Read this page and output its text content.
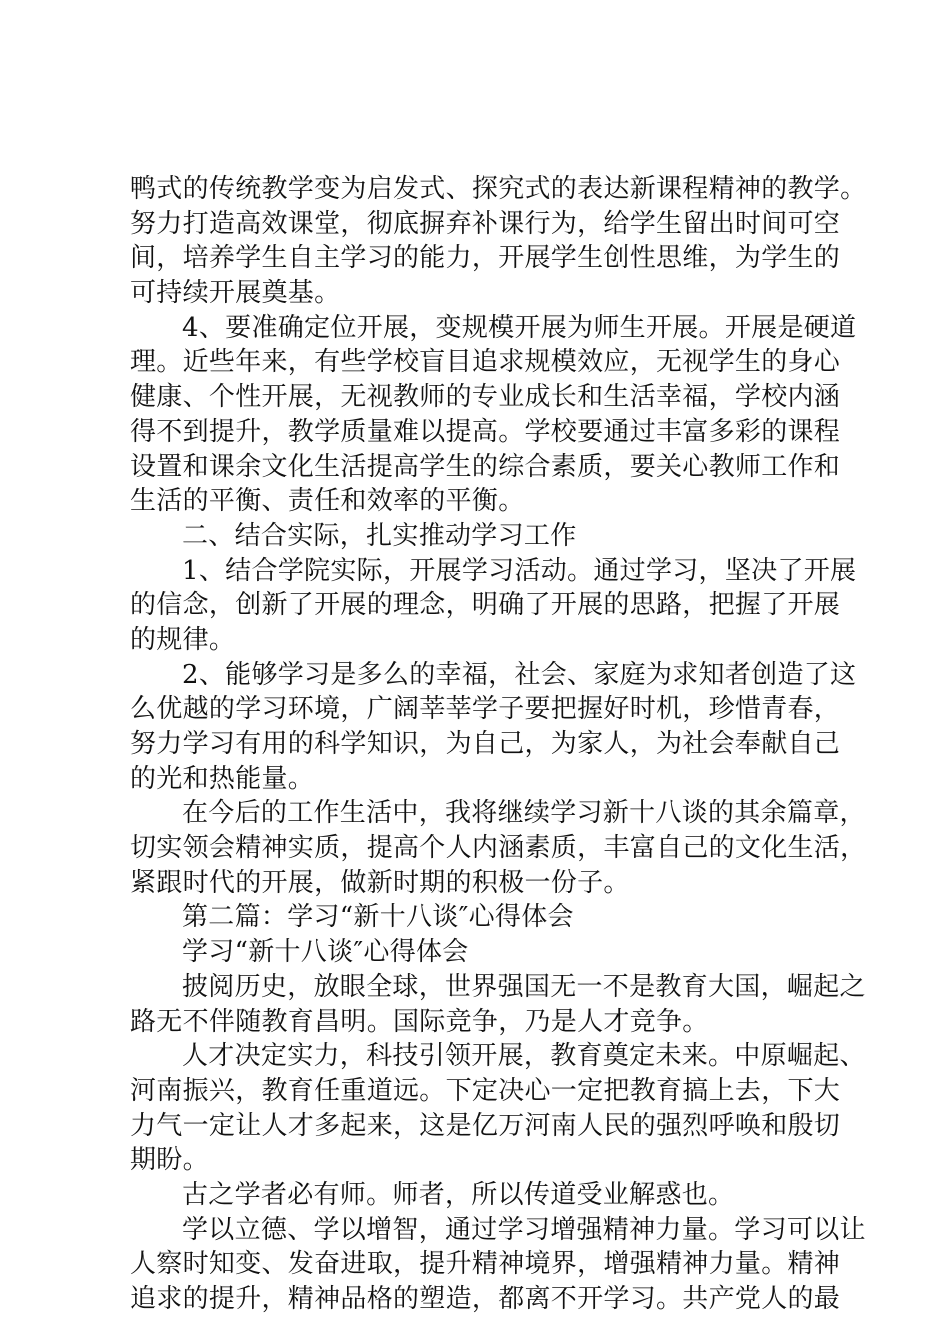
鸭式的传统教学变为启发式、探究式的表达新课程精神的教学。
努力打造高效课堂，彻底摒弃补课行为，给学生留出时间可空
间，培养学生自主学习的能力，开展学生创性思维，为学生的
可持续开展奠基。
4、要准确定位开展，变规模开展为师生开展。开展是硬道
理。近些年来，有些学校盲目追求规模效应，无视学生的身心
健康、个性开展，无视教师的专业成长和生活幸福，学校内涵
得不到提升，教学质量难以提高。学校要通过丰富多彩的课程
设置和课余文化生活提高学生的综合素质，要关心教师工作和
生活的平衡、责任和效率的平衡。
二、结合实际，扎实推动学习工作
1、结合学院实际，开展学习活动。通过学习，坚决了开展
的信念，创新了开展的理念，明确了开展的思路，把握了开展
的规律。
2、能够学习是多么的幸福，社会、家庭为求知者创造了这
么优越的学习环境，广阔莘莘学子要把握好时机，珍惜青春，
努力学习有用的科学知识，为自己，为家人，为社会奉献自己
的光和热能量。
在今后的工作生活中，我将继续学习新十八谈的其余篇章，
切实领会精神实质，提高个人内涵素质，丰富自己的文化生活，
紧跟时代的开展，做新时期的积极一份子。
第二篇：学习“新十八谈″心得体会
学习“新十八谈″心得体会
披阅历史，放眼全球，世界强国无一不是教育大国，崛起之
路无不伴随教育昌明。国际竞争，乃是人才竞争。
人才决定实力，科技引领开展，教育奠定未来。中原崛起、
河南振兴，教育任重道远。下定决心一定把教育搞上去，下大
力气一定让人才多起来，这是亿万河南人民的强烈呼唤和殷切
期盼。
古之学者必有师。师者，所以传道受业解惑也。
学以立德、学以增智，通过学习增强精神力量。学习可以让
人察时知变、发奋进取，提升精神境界，增强精神力量。精神
追求的提升，精神品格的塑造，都离不开学习。共产党人的最
